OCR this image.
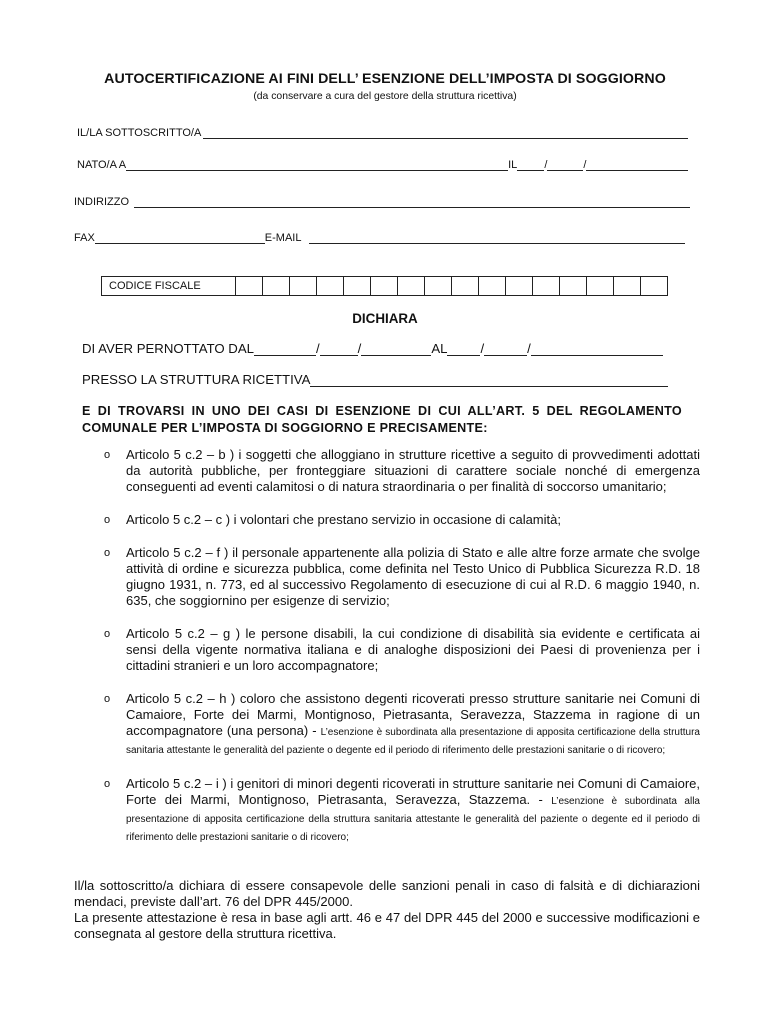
AUTOCERTIFICAZIONE AI FINI DELL’ ESENZIONE DELL’IMPOSTA DI SOGGIORNO
(da conservare a cura del gestore della struttura ricettiva)
IL/LA SOTTOSCRITTO/A
NATO/A A	IL /	/
INDIRIZZO
FAX	E-MAIL
CODICE FISCALE																
DICHIARA
DI AVER PERNOTTATO DAL	/	/	AL	/	/
PRESSO LA STRUTTURA RICETTIVA
E DI TROVARSI IN UNO DEI CASI DI ESENZIONE DI CUI ALL’ART. 5 DEL REGOLAMENTO COMUNALE PER L’IMPOSTA DI SOGGIORNO E PRECISAMENTE:
o Articolo 5 c.2 – b ) i soggetti che alloggiano in strutture ricettive a seguito di provvedimenti adottati da autorità pubbliche, per fronteggiare situazioni di carattere sociale nonché di emergenza conseguenti ad eventi calamitosi o di natura straordinaria o per finalità di soccorso umanitario;
o Articolo 5 c.2 – c ) i volontari che prestano servizio in occasione di calamità;
o Articolo 5 c.2 – f ) il personale appartenente alla polizia di Stato e alle altre forze armate che svolge attività di ordine e sicurezza pubblica, come definita nel Testo Unico di Pubblica Sicurezza R.D. 18 giugno 1931, n. 773, ed al successivo Regolamento di esecuzione di cui al R.D. 6 maggio 1940, n. 635, che soggiornino per esigenze di servizio;
o Articolo 5 c.2 – g ) le persone disabili, la cui condizione di disabilità sia evidente e certificata ai sensi della vigente normativa italiana e di analoghe disposizioni dei Paesi di provenienza per i cittadini stranieri e un loro accompagnatore;
o Articolo 5 c.2 – h ) coloro che assistono degenti ricoverati presso strutture sanitarie nei Comuni di Camaiore, Forte dei Marmi, Montignoso, Pietrasanta, Seravezza, Stazzema in ragione di un accompagnatore (una persona) - L’esenzione è subordinata alla presentazione di apposita certificazione della struttura sanitaria attestante le generalità del paziente o degente ed il periodo di riferimento delle prestazioni sanitarie o di ricovero;
o Articolo 5 c.2 – i ) i genitori di minori degenti ricoverati in strutture sanitarie nei Comuni di Camaiore, Forte dei Marmi, Montignoso, Pietrasanta, Seravezza, Stazzema. - L’esenzione è subordinata alla presentazione di apposita certificazione della struttura sanitaria attestante le generalità del paziente o degente ed il periodo di riferimento delle prestazioni sanitarie o di ricovero;
Il/la sottoscritto/a dichiara di essere consapevole delle sanzioni penali in caso di falsità e di dichiarazioni mendaci, previste dall’art. 76 del DPR 445/2000.
La presente attestazione è resa in base agli artt. 46 e 47 del DPR 445 del 2000 e successive modificazioni e consegnata al gestore della struttura ricettiva.
